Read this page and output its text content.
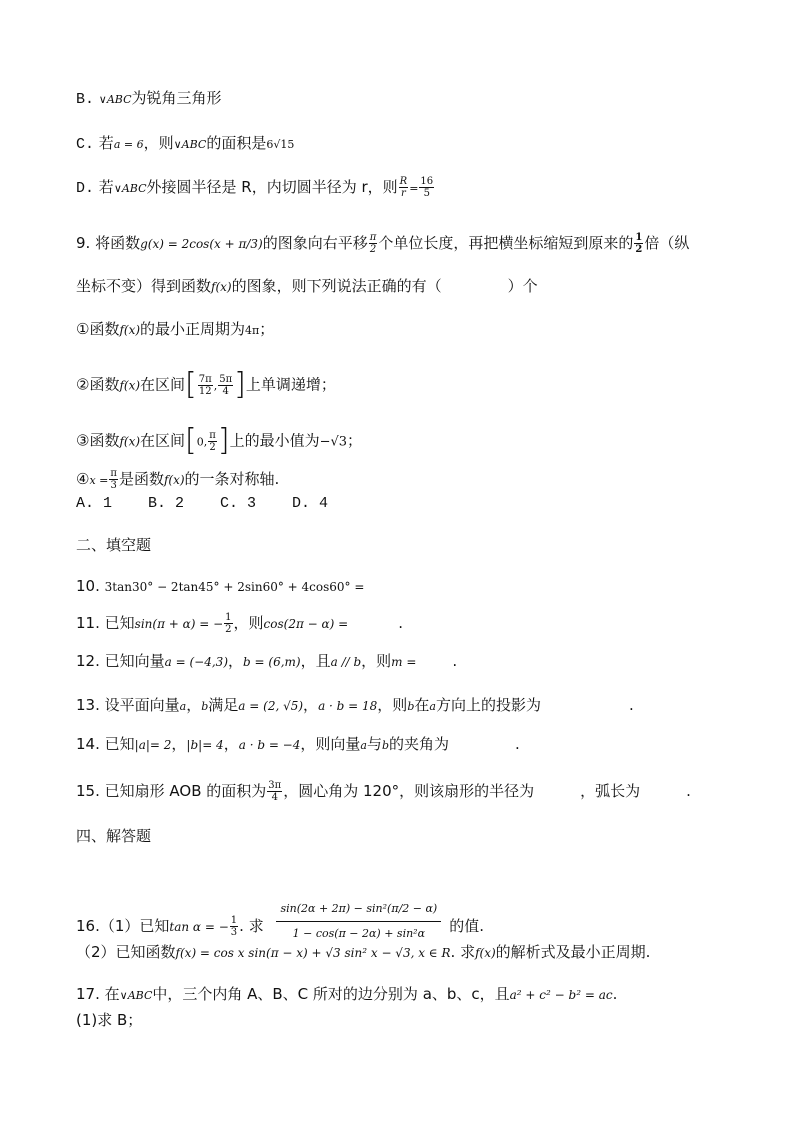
B. ∨ABC为锐角三角形
C. 若a = 6，则∨ABC的面积是6√15
D. 若∨ABC外接圆半径是 R，内切圆半径为 r，则 $\frac{R}{r} = \frac{16}{5}$
9. 将函数g(x) = 2cos(x + π/3)的图象向右平移 $\frac{\pi}{2}$ 个单位长度，再把横坐标缩短到原来的 $\frac{1}{2}$ 倍（纵
坐标不变）得到函数f(x)的图象，则下列说法正确的有（	）个
①函数f(x)的最小正周期为4π；
②函数f(x)在区间[ $\frac{7\pi}{12}$ , $\frac{5\pi}{4}$ ]上单调递增；
③函数f(x)在区间[0, $\frac{\pi}{2}$ ]上的最小值为−√3；
④x = $\frac{\pi}{3}$ 是函数f(x)的一条对称轴.
A. 1    B. 2    C. 3    D. 4
二、填空题
10. 3tan30° − 2tan45° + 2sin60° + 4cos60° =
11. 已知sin(π + α) = − $\frac{1}{2}$ ，则cos(2π − α) =	.
12. 已知向量a = (−4,3)，b = (6,m)，且a // b，则m = .
13. 设平面向量a，b满足a = (2, √5)，a · b = 18，则b在a方向上的投影为	.
14. 已知|a|= 2，|b|= 4，a · b = −4，则向量a与b的夹角为	.
15. 已知扇形 AOB 的面积为 $\frac{3\pi}{4}$ ，圆心角为 120°，则该扇形的半径为	，弧长为	.
四、解答题
16.（1）已知tan α = − $\frac{1}{3}$ . 求 $\frac{\text{sin(2α + 2π) − sin²(π/2 − α)}}{\text{1 − cos(π − 2α) + sin²α}}$ 的值.
（2）已知函数f(x) = cos x sin(π − x) + √3 sin² x − √3, x ∈ R. 求f(x)的解析式及最小正周期.
17. 在∨ABC中，三个内角 A、B、C 所对的边分别为 a、b、c，且a² + c² − b² = ac.
(1)求 B；
